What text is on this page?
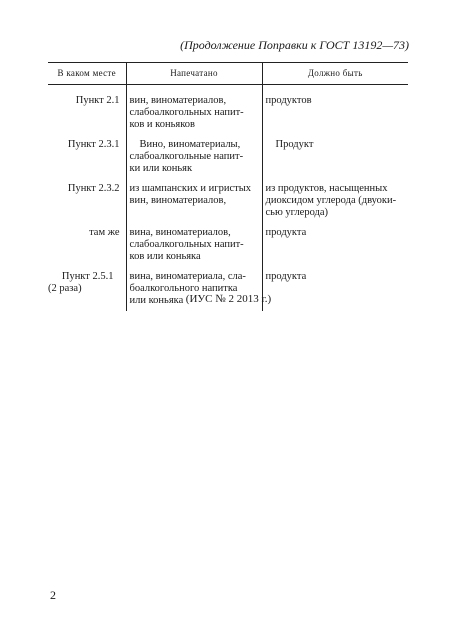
(Продолжение Поправки к ГОСТ 13192—73)
В каком месте	Напечатано	Должно быть

Пункт 2.1	вин, виноматериалов,
слабоалкогольных напит-
ков и коньяков	продуктов

Пункт 2.3.1	Вино, виноматериалы,
слабоалкогольные напит-
ки или коньяк	Продукт

Пункт 2.3.2	из шампанских и игристых
вин, виноматериалов,	из продуктов, насыщенных
диоксидом углерода (двуоки-
сью углерода)

там же	вина, виноматериалов,
слабоалкогольных напит-
ков или коньяка	продукта

Пункт 2.5.1
(2 раза)	вина, виноматериала, сла-
боалкогольного напитка
или коньяка	продукта
(ИУС № 2 2013 г.)
2
